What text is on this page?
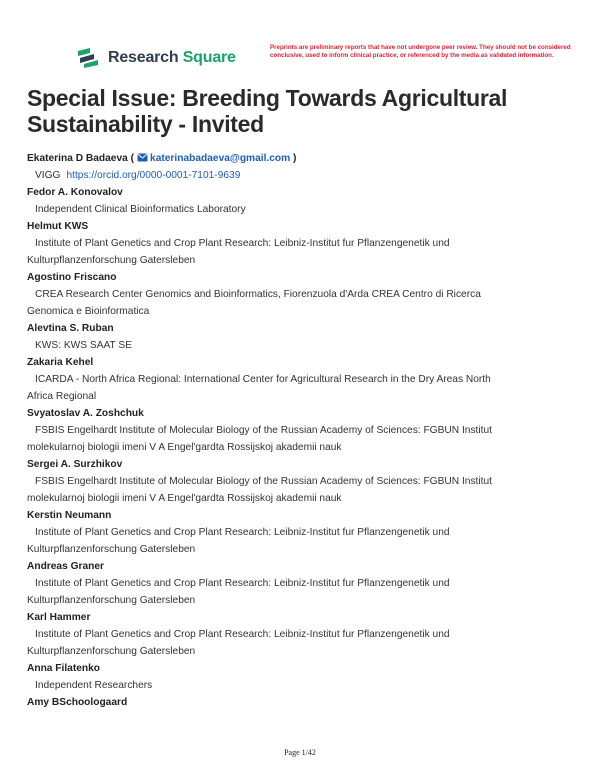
Research Square
Preprints are preliminary reports that have not undergone peer review. They should not be considered conclusive, used to inform clinical practice, or referenced by the media as validated information.
Special Issue: Breeding Towards Agricultural Sustainability - Invited
Ekaterina D Badaeva ( katerinabadaeva@gmail.com )
VIGG https://orcid.org/0000-0001-7101-9639
Fedor A. Konovalov
Independent Clinical Bioinformatics Laboratory
Helmut KWS
Institute of Plant Genetics and Crop Plant Research: Leibniz-Institut fur Pflanzengenetik und
Kulturpflanzenforschung Gatersleben
Agostino Friscano
CREA Research Center Genomics and Bioinformatics, Fiorenzuola d'Arda CREA Centro di Ricerca
Genomica e Bioinformatica
Alevtina S. Ruban
KWS: KWS SAAT SE
Zakaria Kehel
ICARDA - North Africa Regional: International Center for Agricultural Research in the Dry Areas North
Africa Regional
Svyatoslav A. Zoshchuk
FSBIS Engelhardt Institute of Molecular Biology of the Russian Academy of Sciences: FGBUN Institut
molekularnoj biologii imeni V A Engel'gardta Rossijskoj akademii nauk
Sergei A. Surzhikov
FSBIS Engelhardt Institute of Molecular Biology of the Russian Academy of Sciences: FGBUN Institut
molekularnoj biologii imeni V A Engel'gardta Rossijskoj akademii nauk
Kerstin Neumann
Institute of Plant Genetics and Crop Plant Research: Leibniz-Institut fur Pflanzengenetik und
Kulturpflanzenforschung Gatersleben
Andreas Graner
Institute of Plant Genetics and Crop Plant Research: Leibniz-Institut fur Pflanzengenetik und
Kulturpflanzenforschung Gatersleben
Karl Hammer
Institute of Plant Genetics and Crop Plant Research: Leibniz-Institut fur Pflanzengenetik und
Kulturpflanzenforschung Gatersleben
Anna Filatenko
Independent Researchers
Amy BSchoologaard
Page 1/42
